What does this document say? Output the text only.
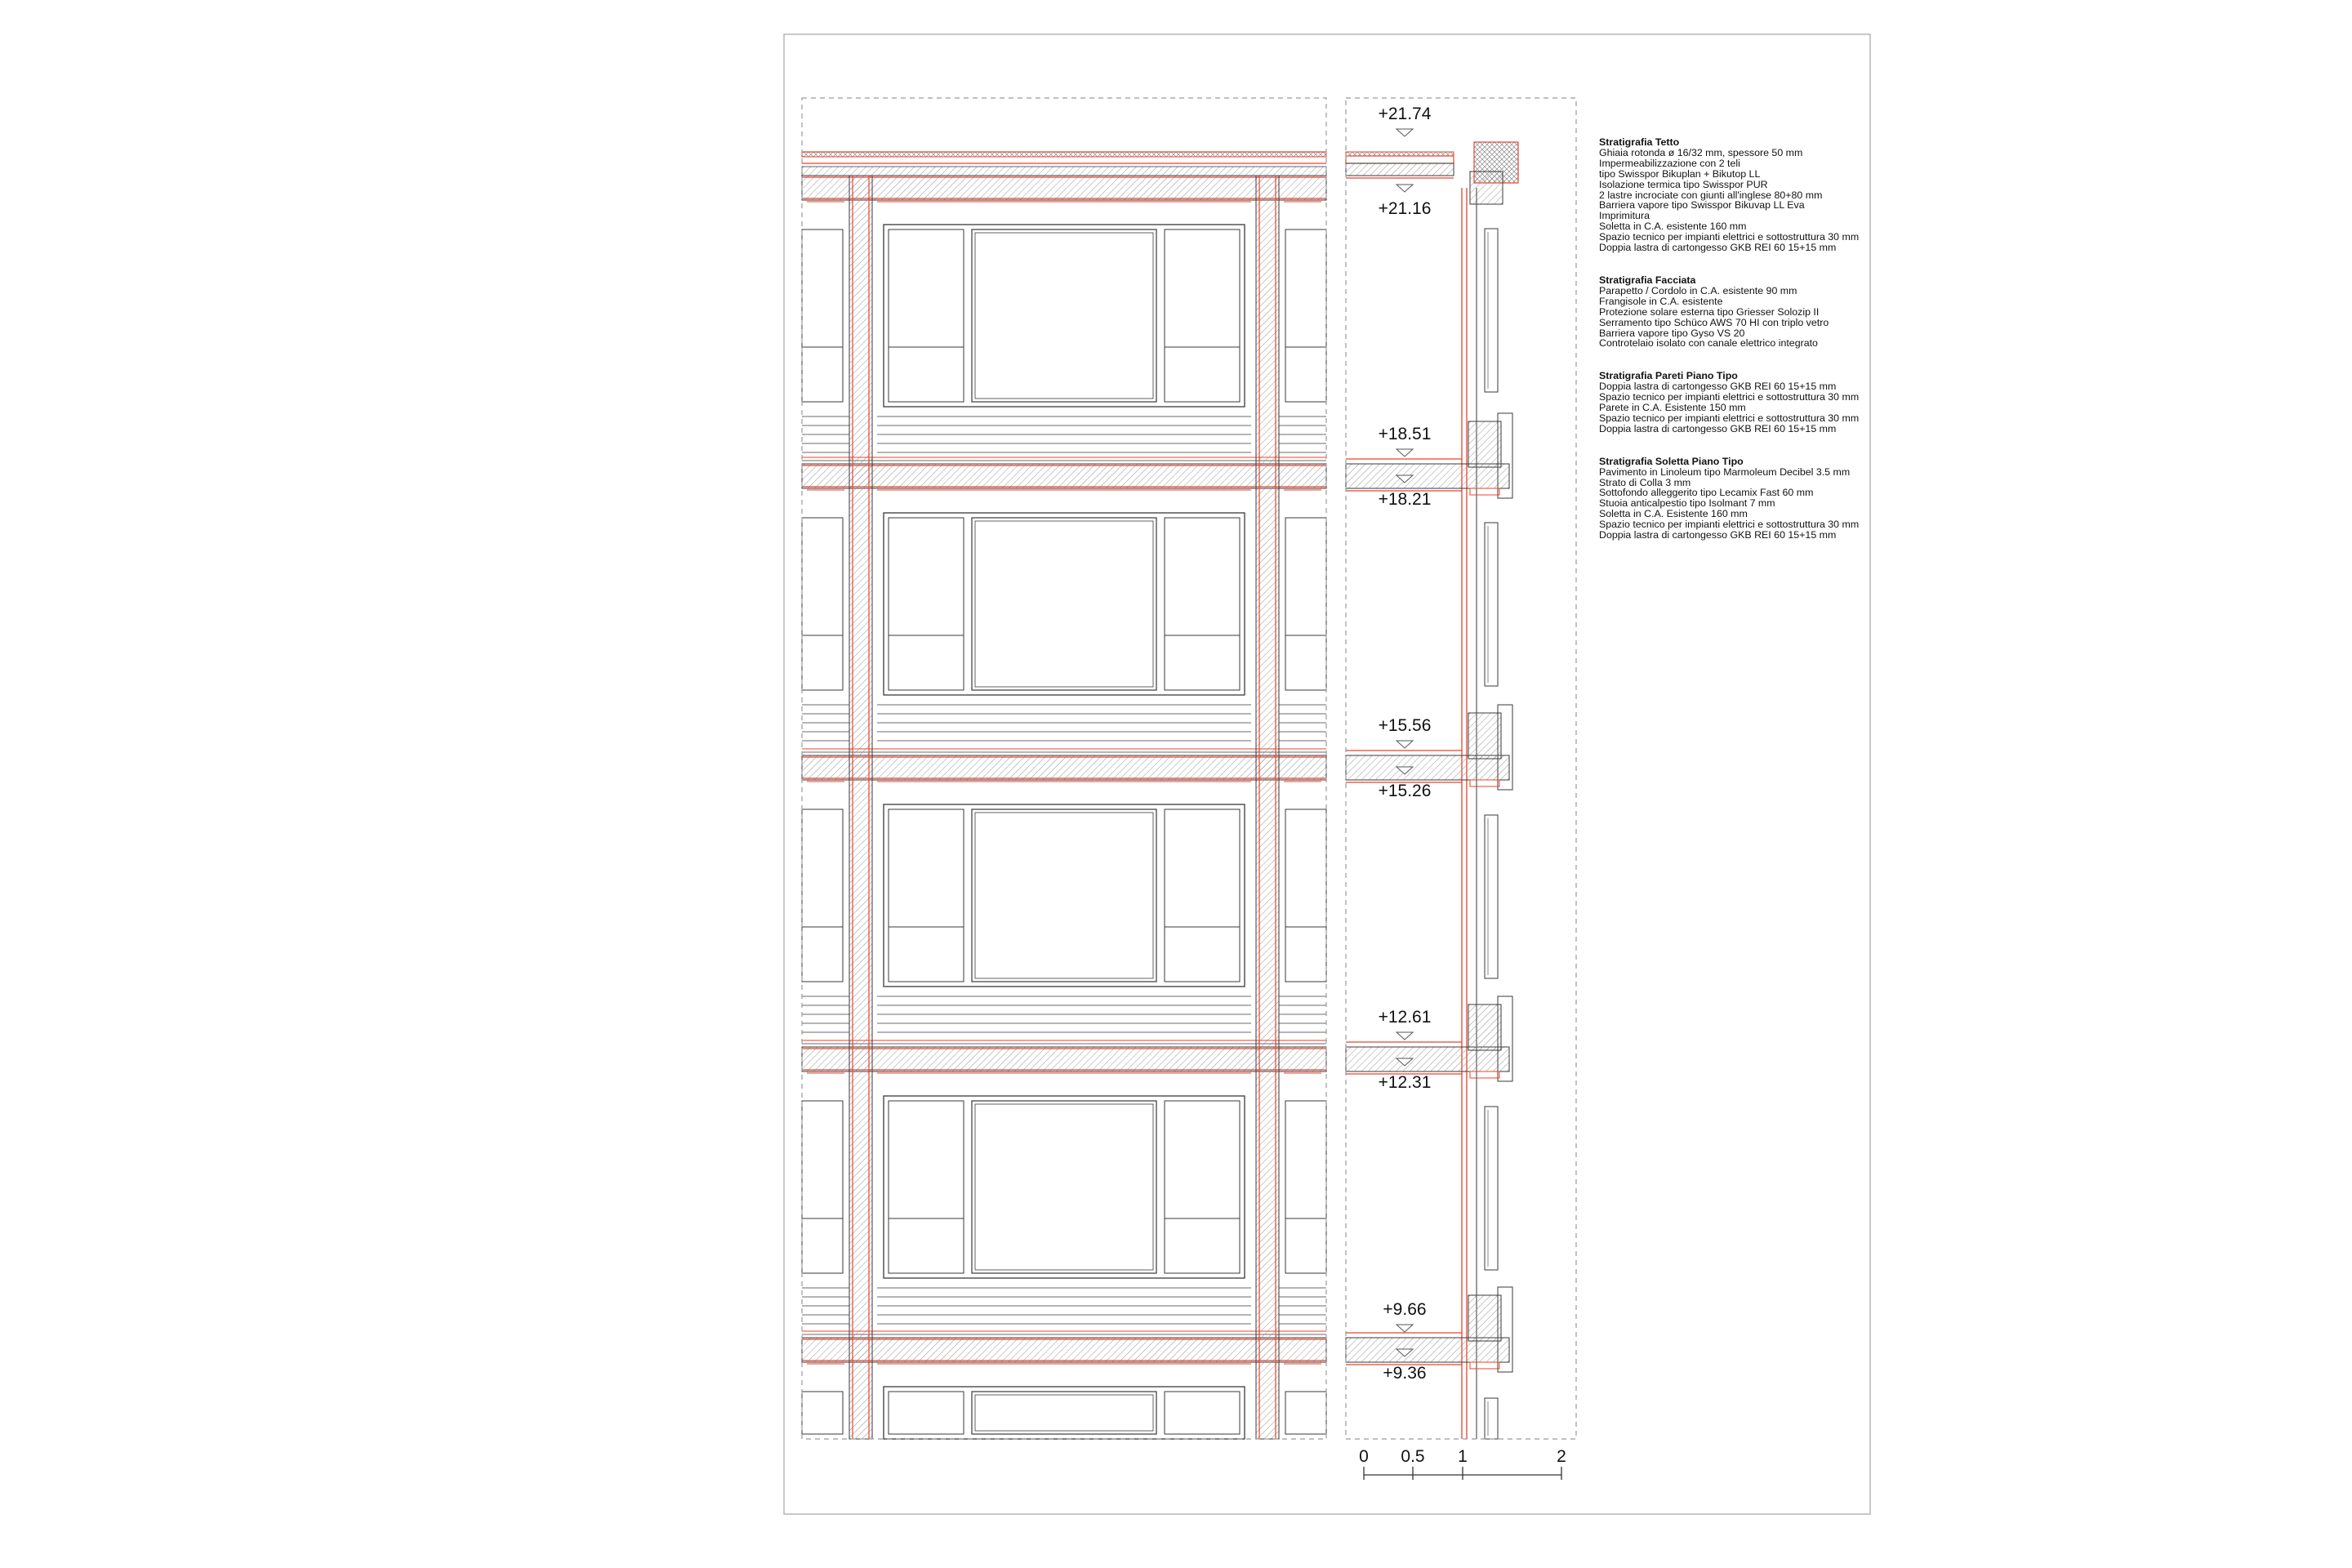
+21.74
+21.16
+18.51
+18.21
+15.56
+15.26
+12.61
+12.31
+9.66
+9.36
0 0.5 1	2
Stratigrafia Tetto
Ghiaia rotonda ø 16/32 mm, spessore 50 mm
Impermeabilizzazione con 2 teli
tipo Swisspor Bikuplan + Bikutop LL
Isolazione termica tipo Swisspor PUR
2 lastre incrociate con giunti all'inglese 80+80 mm
Barriera vapore tipo Swisspor Bikuvap LL Eva
Imprimitura
Soletta in C.A. esistente 160 mm
Spazio tecnico per impianti elettrici e sottostruttura 30 mm
Doppia lastra di cartongesso GKB REI 60 15+15 mm
Stratigrafia Facciata
Parapetto / Cordolo in C.A. esistente 90 mm
Frangisole in C.A. esistente
Protezione solare esterna tipo Griesser Solozip II
Serramento tipo Schüco AWS 70 HI con triplo vetro
Barriera vapore tipo Gyso VS 20
Controtelaio isolato con canale elettrico integrato
Stratigrafia Pareti Piano Tipo
Doppia lastra di cartongesso GKB REI 60 15+15 mm
Spazio tecnico per impianti elettrici e sottostruttura 30 mm
Parete in C.A. Esistente 150 mm
Spazio tecnico per impianti elettrici e sottostruttura 30 mm
Doppia lastra di cartongesso GKB REI 60 15+15 mm
Stratigrafia Soletta Piano Tipo
Pavimento in Linoleum tipo Marmoleum Decibel 3.5 mm
Strato di Colla 3 mm
Sottofondo alleggerito tipo Lecamix Fast 60 mm
Stuoia anticalpestio tipo Isolmant 7 mm
Soletta in C.A. Esistente 160 mm
Spazio tecnico per impianti elettrici e sottostruttura 30 mm
Doppia lastra di cartongesso GKB REI 60 15+15 mm
